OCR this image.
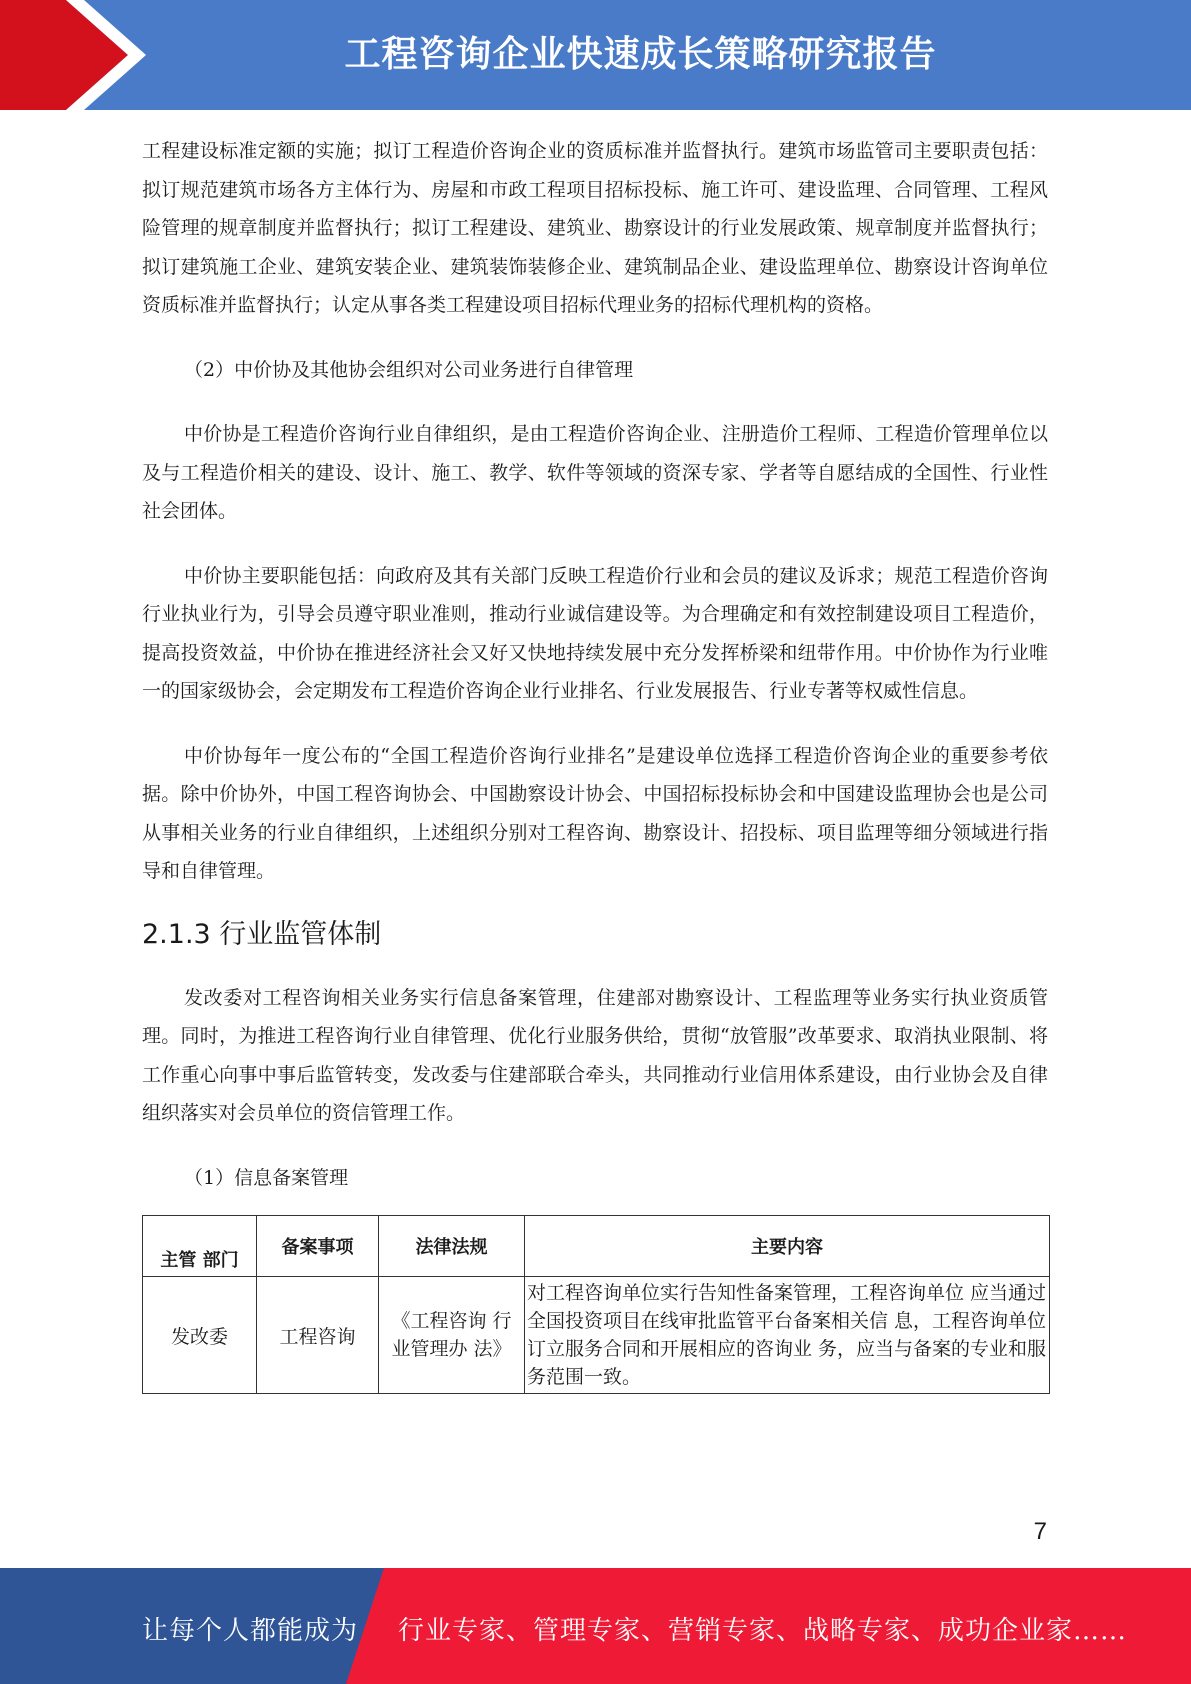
工程咨询企业快速成长策略研究报告

工程建设标准定额的实施；拟订工程造价咨询企业的资质标准并监督执行。建筑市场监管司主要职责包括：拟订规范建筑市场各方主体行为、房屋和市政工程项目招标投标、施工许可、建设监理、合同管理、工程风险管理的规章制度并监督执行；拟订工程建设、建筑业、勘察设计的行业发展政策、规章制度并监督执行；拟订建筑施工企业、建筑安装企业、建筑装饰装修企业、建筑制品企业、建设监理单位、勘察设计咨询单位资质标准并监督执行；认定从事各类工程建设项目招标代理业务的招标代理机构的资格。

（2）中价协及其他协会组织对公司业务进行自律管理

中价协是工程造价咨询行业自律组织，是由工程造价咨询企业、注册造价工程师、工程造价管理单位以及与工程造价相关的建设、设计、施工、教学、软件等领域的资深专家、学者等自愿结成的全国性、行业性社会团体。

中价协主要职能包括：向政府及其有关部门反映工程造价行业和会员的建议及诉求；规范工程造价咨询行业执业行为，引导会员遵守职业准则，推动行业诚信建设等。为合理确定和有效控制建设项目工程造价，提高投资效益，中价协在推进经济社会又好又快地持续发展中充分发挥桥梁和纽带作用。中价协作为行业唯一的国家级协会，会定期发布工程造价咨询企业行业排名、行业发展报告、行业专著等权威性信息。

中价协每年一度公布的“全国工程造价咨询行业排名”是建设单位选择工程造价咨询企业的重要参考依据。除中价协外，中国工程咨询协会、中国勘察设计协会、中国招标投标协会和中国建设监理协会也是公司从事相关业务的行业自律组织，上述组织分别对工程咨询、勘察设计、招投标、项目监理等细分领域进行指导和自律管理。

2.1.3 行业监管体制

发改委对工程咨询相关业务实行信息备案管理，住建部对勘察设计、工程监理等业务实行执业资质管理。同时，为推进工程咨询行业自律管理、优化行业服务供给，贯彻“放管服”改革要求、取消执业限制、将工作重心向事中事后监管转变，发改委与住建部联合牵头，共同推动行业信用体系建设，由行业协会及自律组织落实对会员单位的资信管理工作。

（1）信息备案管理

主管 部门	备案事项	法律法规	主要内容
发改委	工程咨询	《工程咨询 行业管理办 法》	对工程咨询单位实行告知性备案管理，工程咨询单位 应当通过全国投资项目在线审批监管平台备案相关信 息，工程咨询单位订立服务合同和开展相应的咨询业 务，应当与备案的专业和服务范围一致。
7
让每个人都能成为 行业专家、管理专家、营销专家、战略专家、成功企业家……
